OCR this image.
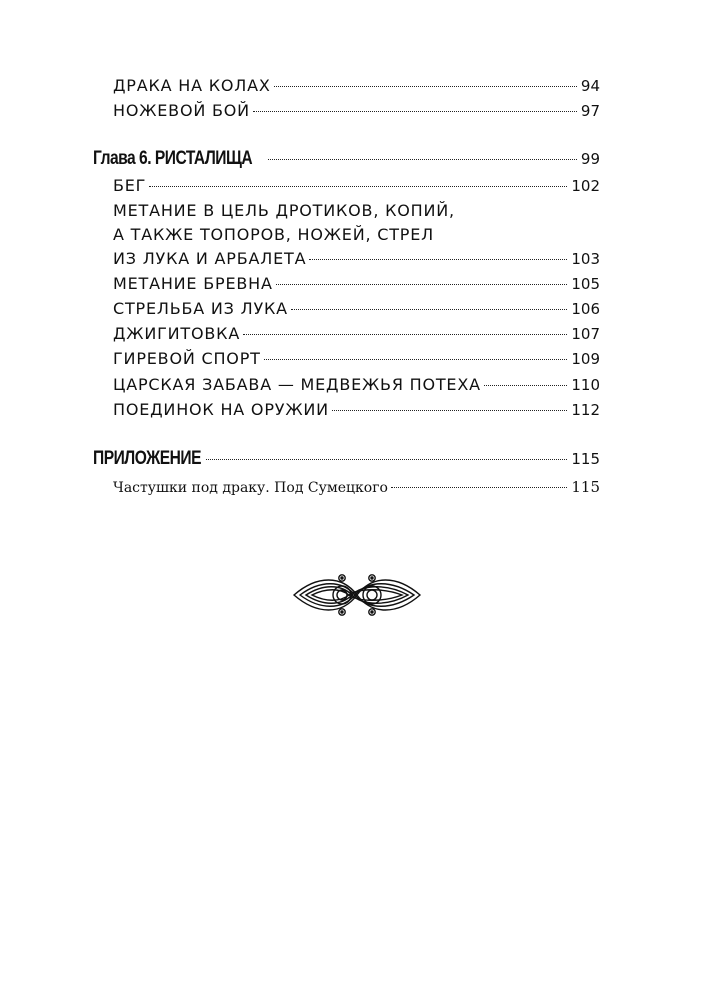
ДРАКА НА КОЛАХ	94
НОЖЕВОЙ БОЙ	97
Глава 6. РИСТАЛИЩА	99
БЕГ	102
МЕТАНИЕ В ЦЕЛЬ ДРОТИКОВ, КОПИЙ,
А ТАКЖЕ ТОПОРОВ, НОЖЕЙ, СТРЕЛ
ИЗ ЛУКА И АРБАЛЕТА	103
МЕТАНИЕ БРЕВНА	105
СТРЕЛЬБА ИЗ ЛУКА	106
ДЖИГИТОВКА	107
ГИРЕВОЙ СПОРТ	109
ЦАРСКАЯ ЗАБАВА — МЕДВЕЖЬЯ ПОТЕХА	110
ПОЕДИНОК НА ОРУЖИИ	112
ПРИЛОЖЕНИЕ	115
Частушки под драку. Под Сумецкого	115
